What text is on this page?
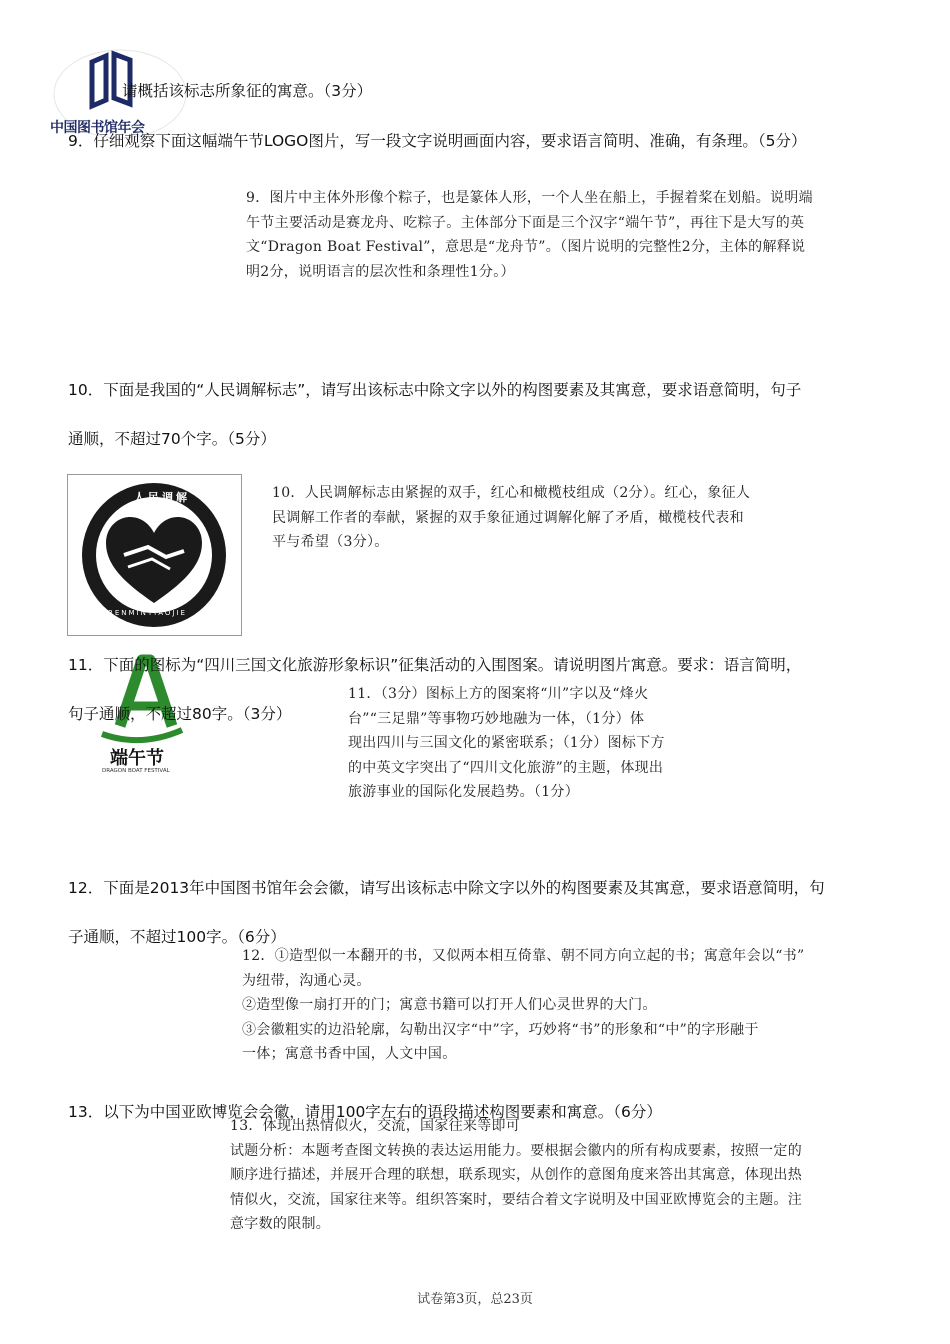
中国图书馆年会
请概括该标志所象征的寓意。（3分）
9．仔细观察下面这幅端午节LOGO图片，写一段文字说明画面内容，要求语言简明、准确，有条理。（5分）
9．图片中主体外形像个粽子，也是篆体人形，一个人坐在船上，手握着桨在划船。说明端
午节主要活动是赛龙舟、吃粽子。主体部分下面是三个汉字“端午节”，再往下是大写的英
文“Dragon Boat Festival”，意思是“龙舟节”。（图片说明的完整性2分，主体的解释说
明2分，说明语言的层次性和条理性1分。）
10．下面是我国的“人民调解标志”，请写出该标志中除文字以外的构图要素及其寓意，要求语意简明，句子
通顺，不超过70个字。（5分）
人民调解
RENMINTIAOJIE
10．人民调解标志由紧握的双手，红心和橄榄枝组成（2分）。红心，象征人
民调解工作者的奉献，紧握的双手象征通过调解化解了矛盾，橄榄枝代表和
平与希望（3分）。
端午节
DRAGON BOAT FESTIVAL
11．下面的图标为“四川三国文化旅游形象标识”征集活动的入围图案。请说明图片寓意。要求：语言简明，
句子通顺，不超过80字。（3分）
11．（3分）图标上方的图案将“川”字以及“烽火
台”“三足鼎”等事物巧妙地融为一体，（1分）体
现出四川与三国文化的紧密联系；（1分）图标下方
的中英文字突出了“四川文化旅游”的主题，体现出
旅游事业的国际化发展趋势。（1分）
12．下面是2013年中国图书馆年会会徽，请写出该标志中除文字以外的构图要素及其寓意，要求语意简明，句
子通顺，不超过100字。（6分）
12．①造型似一本翻开的书，又似两本相互倚靠、朝不同方向立起的书；寓意年会以“书”
为纽带，沟通心灵。
②造型像一扇打开的门；寓意书籍可以打开人们心灵世界的大门。
③会徽粗实的边沿轮廓，勾勒出汉字“中”字，巧妙将“书”的形象和“中”的字形融于
一体；寓意书香中国，人文中国。
13．以下为中国亚欧博览会会徽，请用100字左右的语段描述构图要素和寓意。（6分）
13．体现出热情似火，交流，国家往来等即可
试题分析：本题考查图文转换的表达运用能力。要根据会徽内的所有构成要素，按照一定的
顺序进行描述，并展开合理的联想，联系现实，从创作的意图角度来答出其寓意，体现出热
情似火，交流，国家往来等。组织答案时，要结合着文字说明及中国亚欧博览会的主题。注
意字数的限制。
试卷第3页，总23页
